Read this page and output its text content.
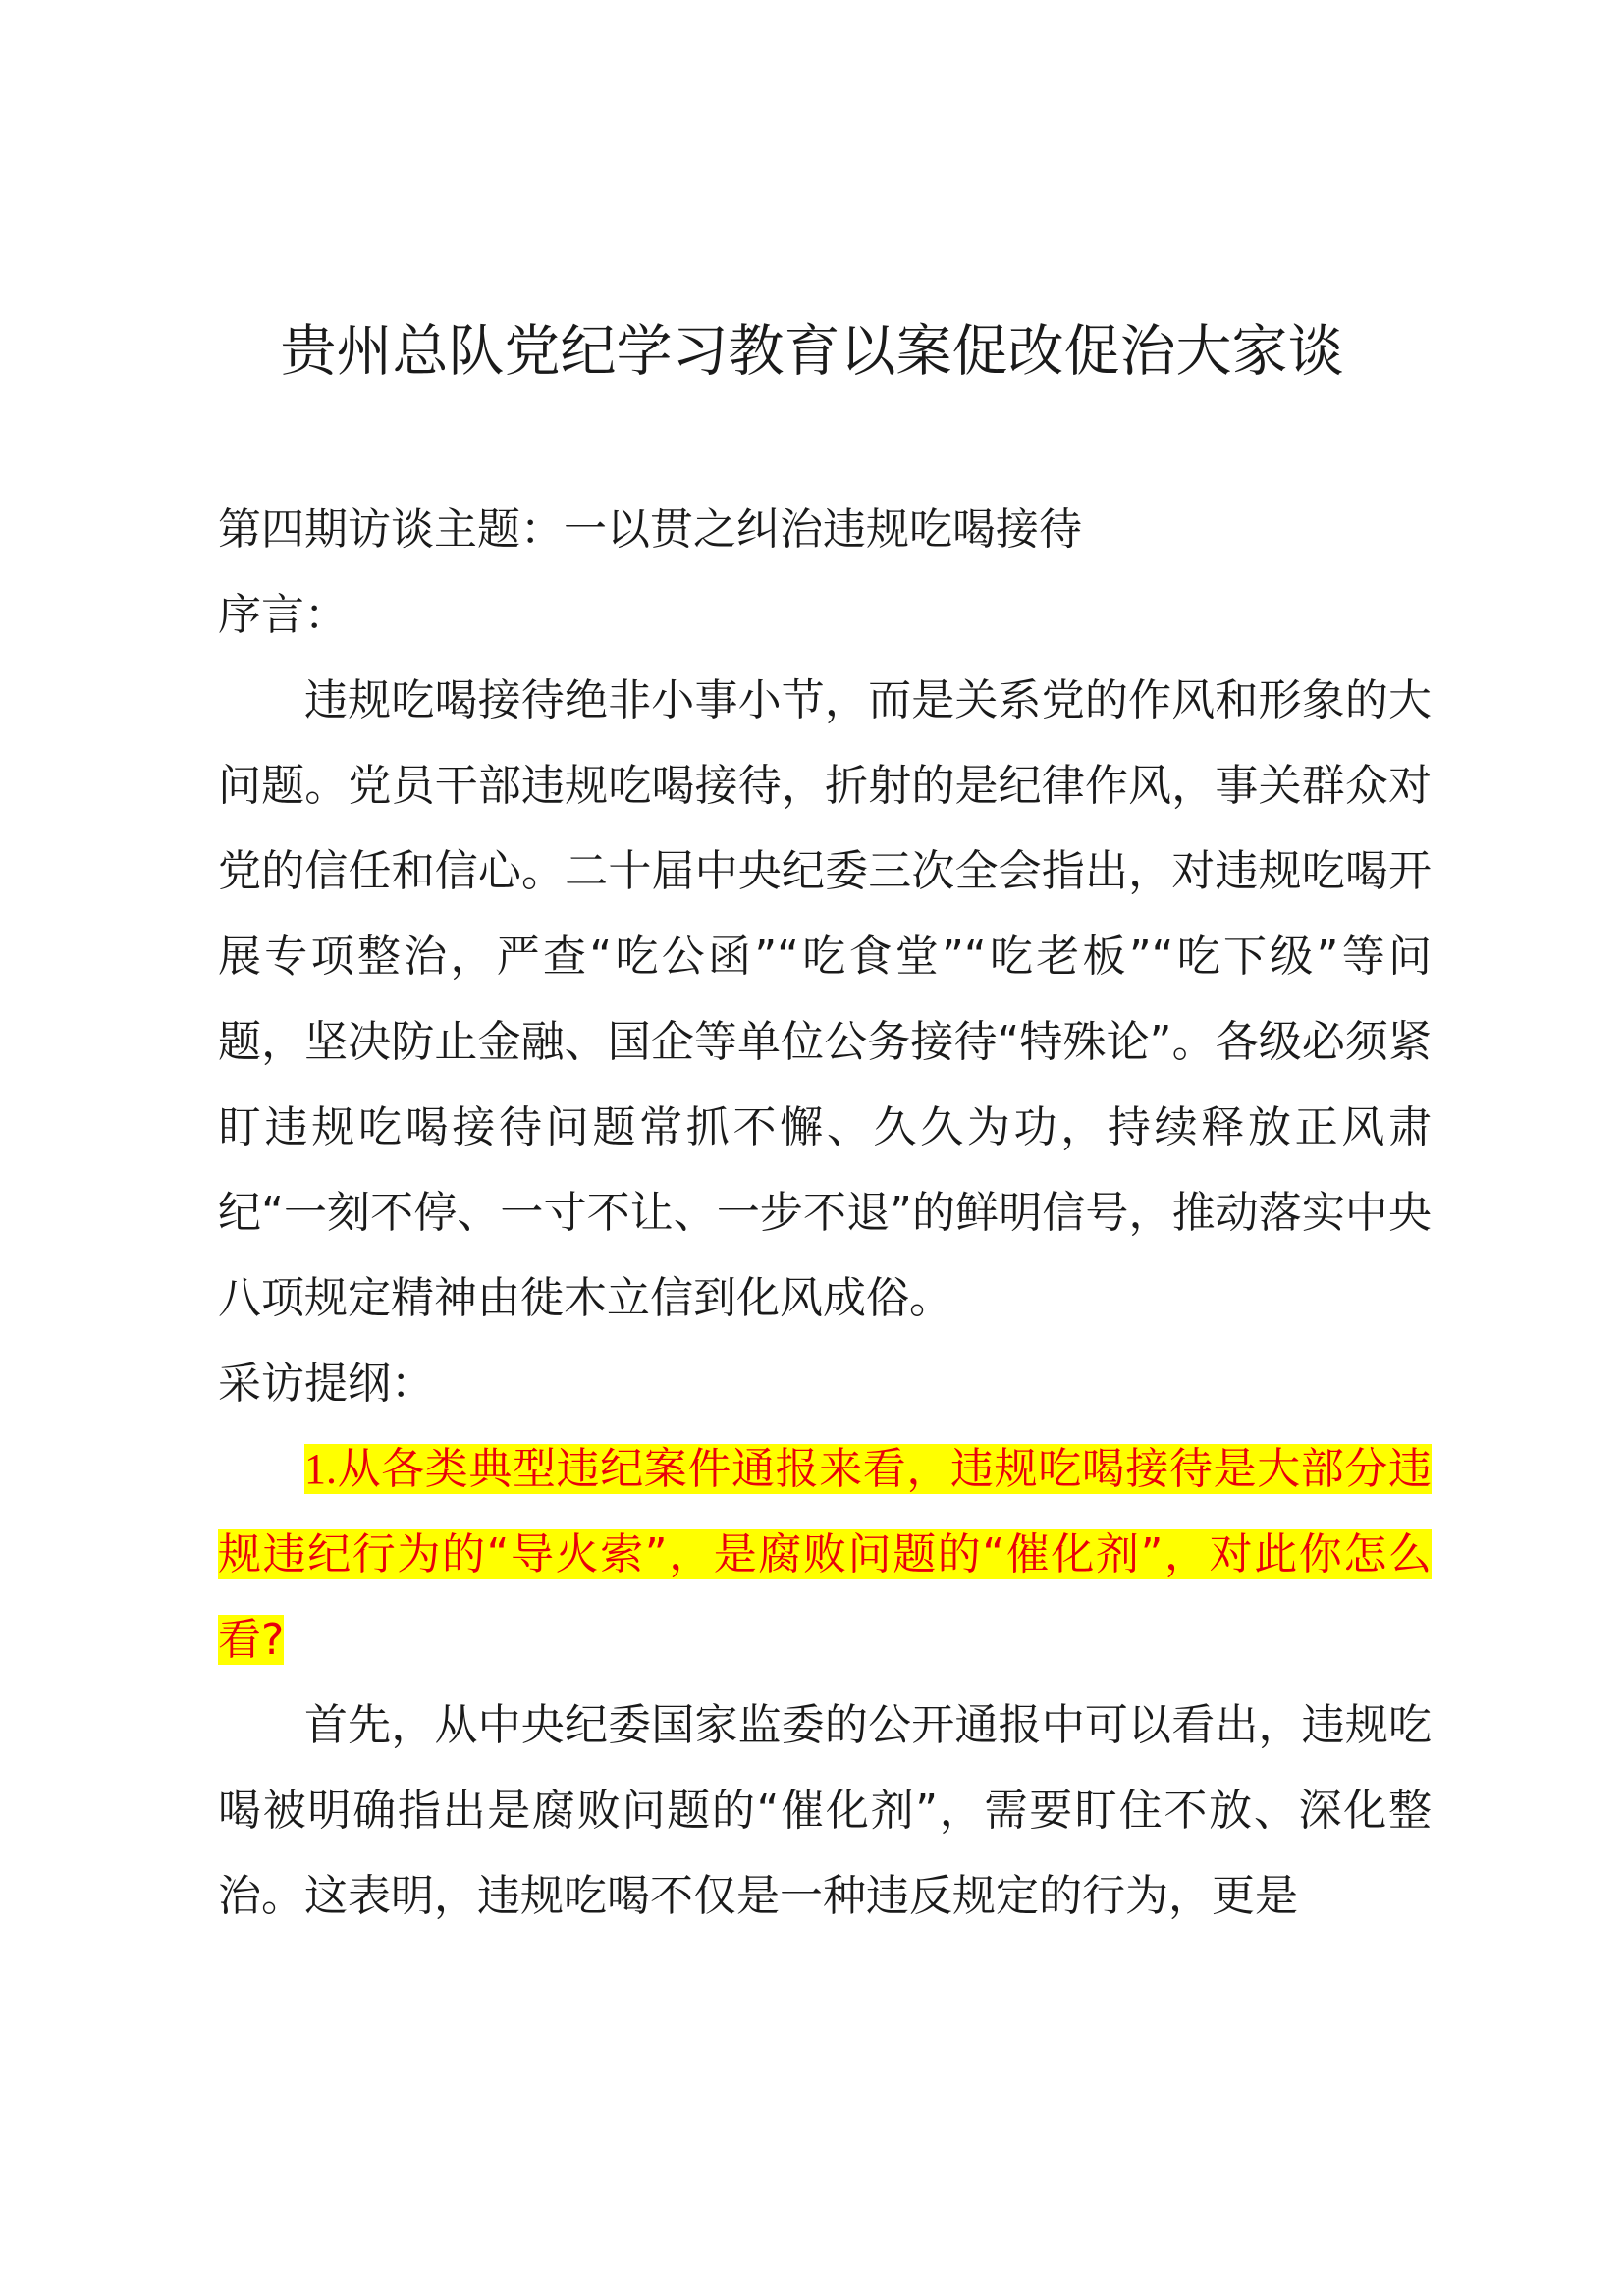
贵州总队党纪学习教育以案促改促治大家谈

第四期访谈主题：一以贯之纠治违规吃喝接待

序言：

违规吃喝接待绝非小事小节，而是关系党的作风和形象的大问题。党员干部违规吃喝接待，折射的是纪律作风，事关群众对党的信任和信心。二十届中央纪委三次全会指出，对违规吃喝开展专项整治，严查“吃公函”“吃食堂”“吃老板”“吃下级”等问题，坚决防止金融、国企等单位公务接待“特殊论”。各级必须紧盯违规吃喝接待问题常抓不懈、久久为功，持续释放正风肃纪“一刻不停、一寸不让、一步不退”的鲜明信号，推动落实中央八项规定精神由徙木立信到化风成俗。

采访提纲：

1.从各类典型违纪案件通报来看，违规吃喝接待是大部分违规违纪行为的“导火索”，是腐败问题的“催化剂”，对此你怎么看?

首先，从中央纪委国家监委的公开通报中可以看出，违规吃喝被明确指出是腐败问题的“催化剂”，需要盯住不放、深化整治。这表明，违规吃喝不仅是一种违反规定的行为，更是
